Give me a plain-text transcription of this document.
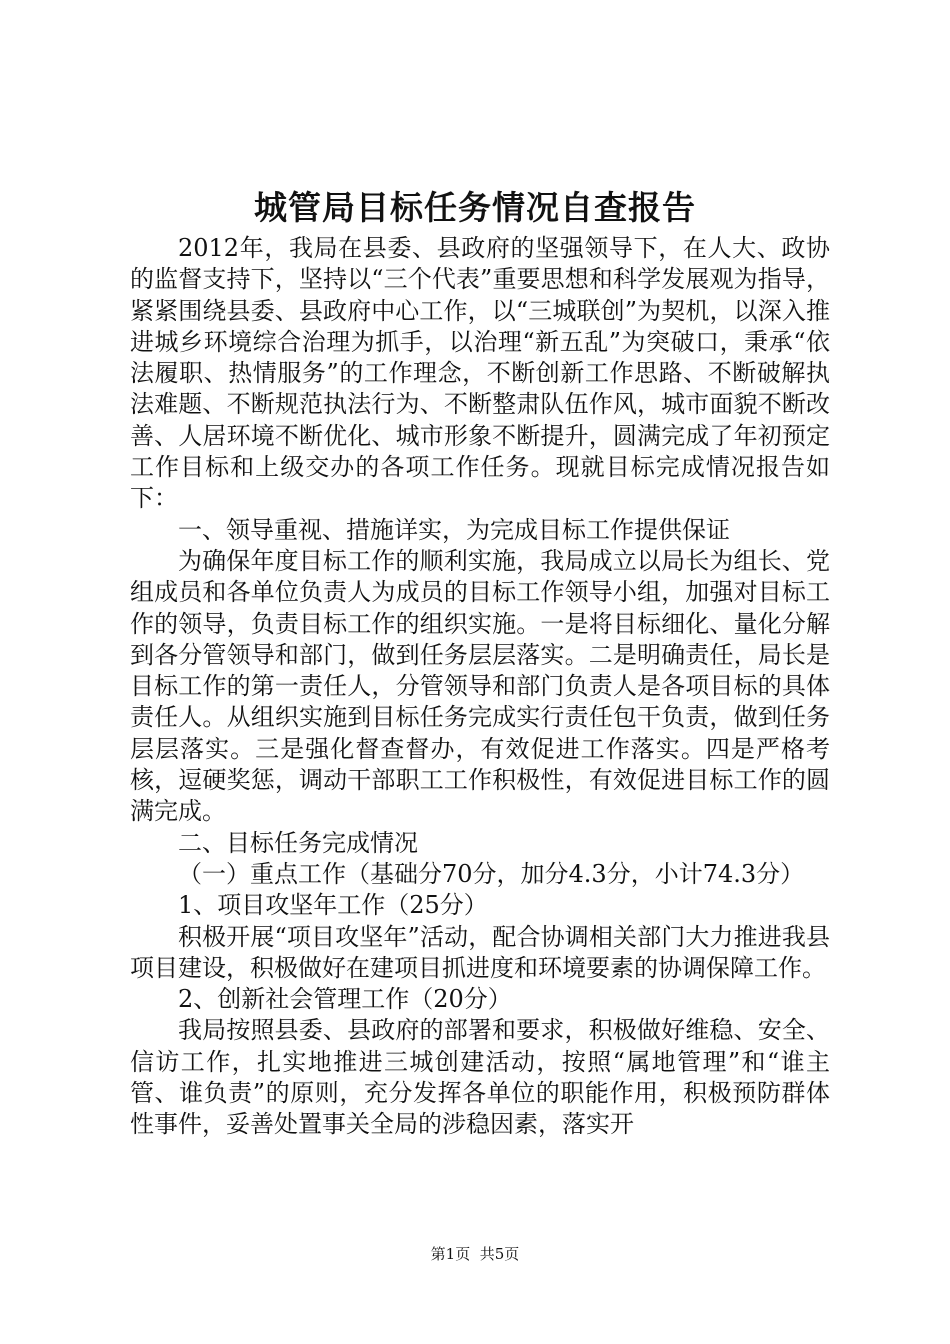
城管局目标任务情况自查报告

2012年，我局在县委、县政府的坚强领导下，在人大、政协的监督支持下，坚持以“三个代表”重要思想和科学发展观为指导，紧紧围绕县委、县政府中心工作，以“三城联创”为契机，以深入推进城乡环境综合治理为抓手，以治理“新五乱”为突破口，秉承“依法履职、热情服务”的工作理念，不断创新工作思路、不断破解执法难题、不断规范执法行为、不断整肃队伍作风，城市面貌不断改善、人居环境不断优化、城市形象不断提升，圆满完成了年初预定工作目标和上级交办的各项工作任务。现就目标完成情况报告如下：

一、领导重视、措施详实，为完成目标工作提供保证

为确保年度目标工作的顺利实施，我局成立以局长为组长、党组成员和各单位负责人为成员的目标工作领导小组，加强对目标工作的领导，负责目标工作的组织实施。一是将目标细化、量化分解到各分管领导和部门，做到任务层层落实。二是明确责任，局长是目标工作的第一责任人，分管领导和部门负责人是各项目标的具体责任人。从组织实施到目标任务完成实行责任包干负责，做到任务层层落实。三是强化督查督办，有效促进工作落实。四是严格考核，逗硬奖惩，调动干部职工工作积极性，有效促进目标工作的圆满完成。

二、目标任务完成情况

（一）重点工作（基础分70分，加分4.3分，小计74.3分）

1、项目攻坚年工作（25分）

积极开展“项目攻坚年”活动，配合协调相关部门大力推进我县项目建设，积极做好在建项目抓进度和环境要素的协调保障工作。

2、创新社会管理工作（20分）

我局按照县委、县政府的部署和要求，积极做好维稳、安全、信访工作，扎实地推进三城创建活动，按照“属地管理”和“谁主管、谁负责”的原则，充分发挥各单位的职能作用，积极预防群体性事件，妥善处置事关全局的涉稳因素，落实开

第1页 共5页
